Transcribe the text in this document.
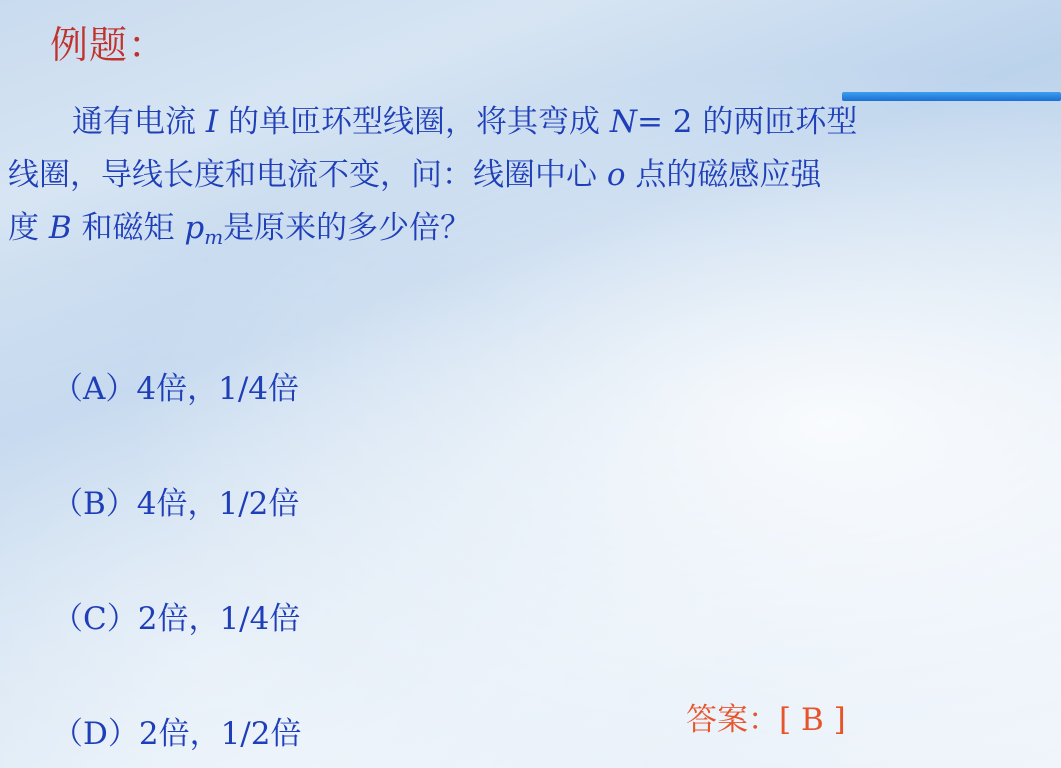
例题：
通有电流 I 的单匝环型线圈，将其弯成 N= 2 的两匝环型
线圈，导线长度和电流不变，问：线圈中心 o 点的磁感应强
度 B 和磁矩 $p_m$是原来的多少倍？
（A）4倍，1/4倍
（B）4倍，1/2倍
（C）2倍，1/4倍
（D）2倍，1/2倍	答案：[ B ]
